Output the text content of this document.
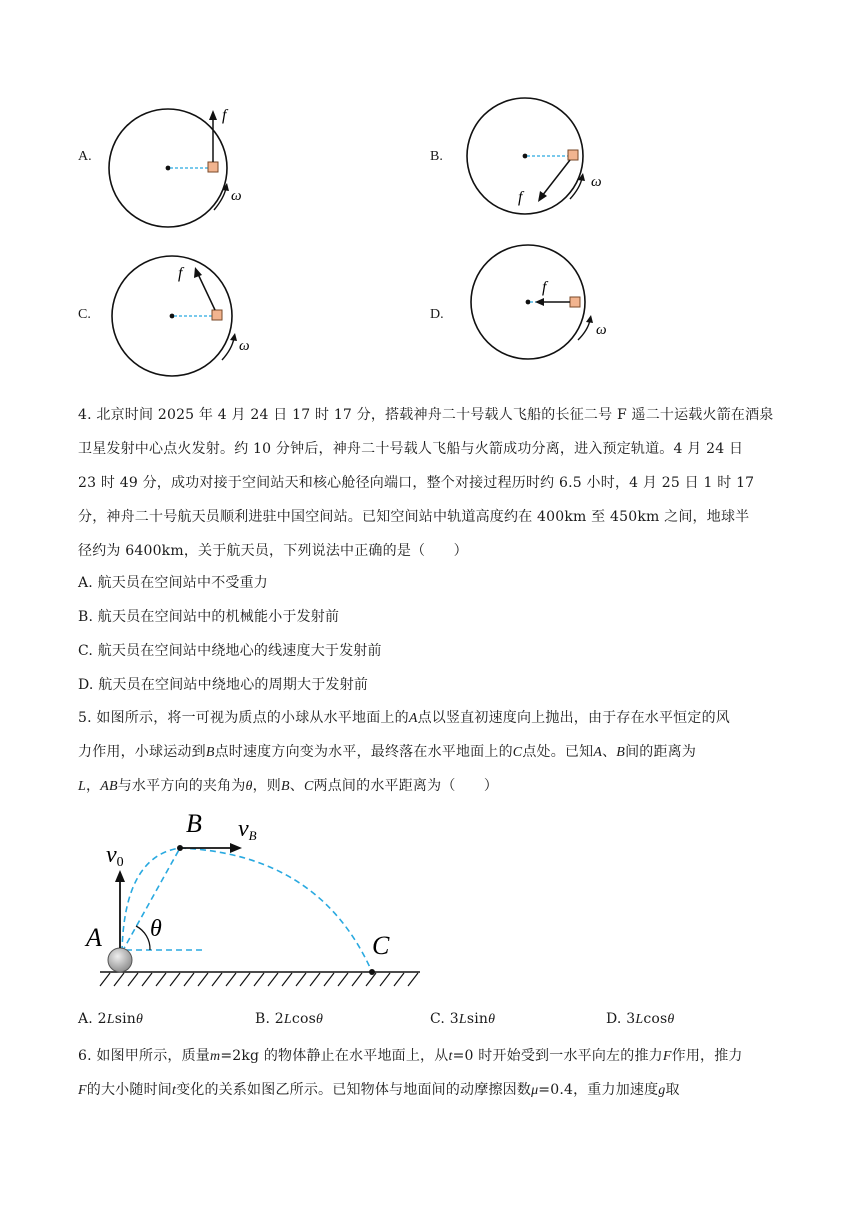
A.
f
ω
B.
f
ω
C.
f
ω
D.
f
ω
4. 北京时间 2025 年 4 月 24 日 17 时 17 分，搭载神舟二十号载人飞船的长征二号 F 遥二十运载火箭在酒泉
卫星发射中心点火发射。约 10 分钟后，神舟二十号载人飞船与火箭成功分离，进入预定轨道。4 月 24 日
23 时 49 分，成功对接于空间站天和核心舱径向端口，整个对接过程历时约 6.5 小时，4 月 25 日 1 时 17
分，神舟二十号航天员顺利进驻中国空间站。已知空间站中轨道高度约在 400km 至 450km 之间，地球半
径约为 6400km，关于航天员，下列说法中正确的是（　　）
A. 航天员在空间站中不受重力
B. 航天员在空间站中的机械能小于发射前
C. 航天员在空间站中绕地心的线速度大于发射前
D. 航天员在空间站中绕地心的周期大于发射前
5. 如图所示，将一可视为质点的小球从水平地面上的A点以竖直初速度向上抛出，由于存在水平恒定的风
力作用，小球运动到B点时速度方向变为水平，最终落在水平地面上的C点处。已知A、B间的距离为
L，AB与水平方向的夹角为θ，则B、C两点间的水平距离为（　　）
v0
B vB
θ
A	C
A. 2Lsinθ	B. 2Lcosθ	C. 3Lsinθ	D. 3Lcosθ
6. 如图甲所示，质量m=2kg 的物体静止在水平地面上，从t=0 时开始受到一水平向左的推力F作用，推力
F的大小随时间t变化的关系如图乙所示。已知物体与地面间的动摩擦因数μ=0.4，重力加速度g取
